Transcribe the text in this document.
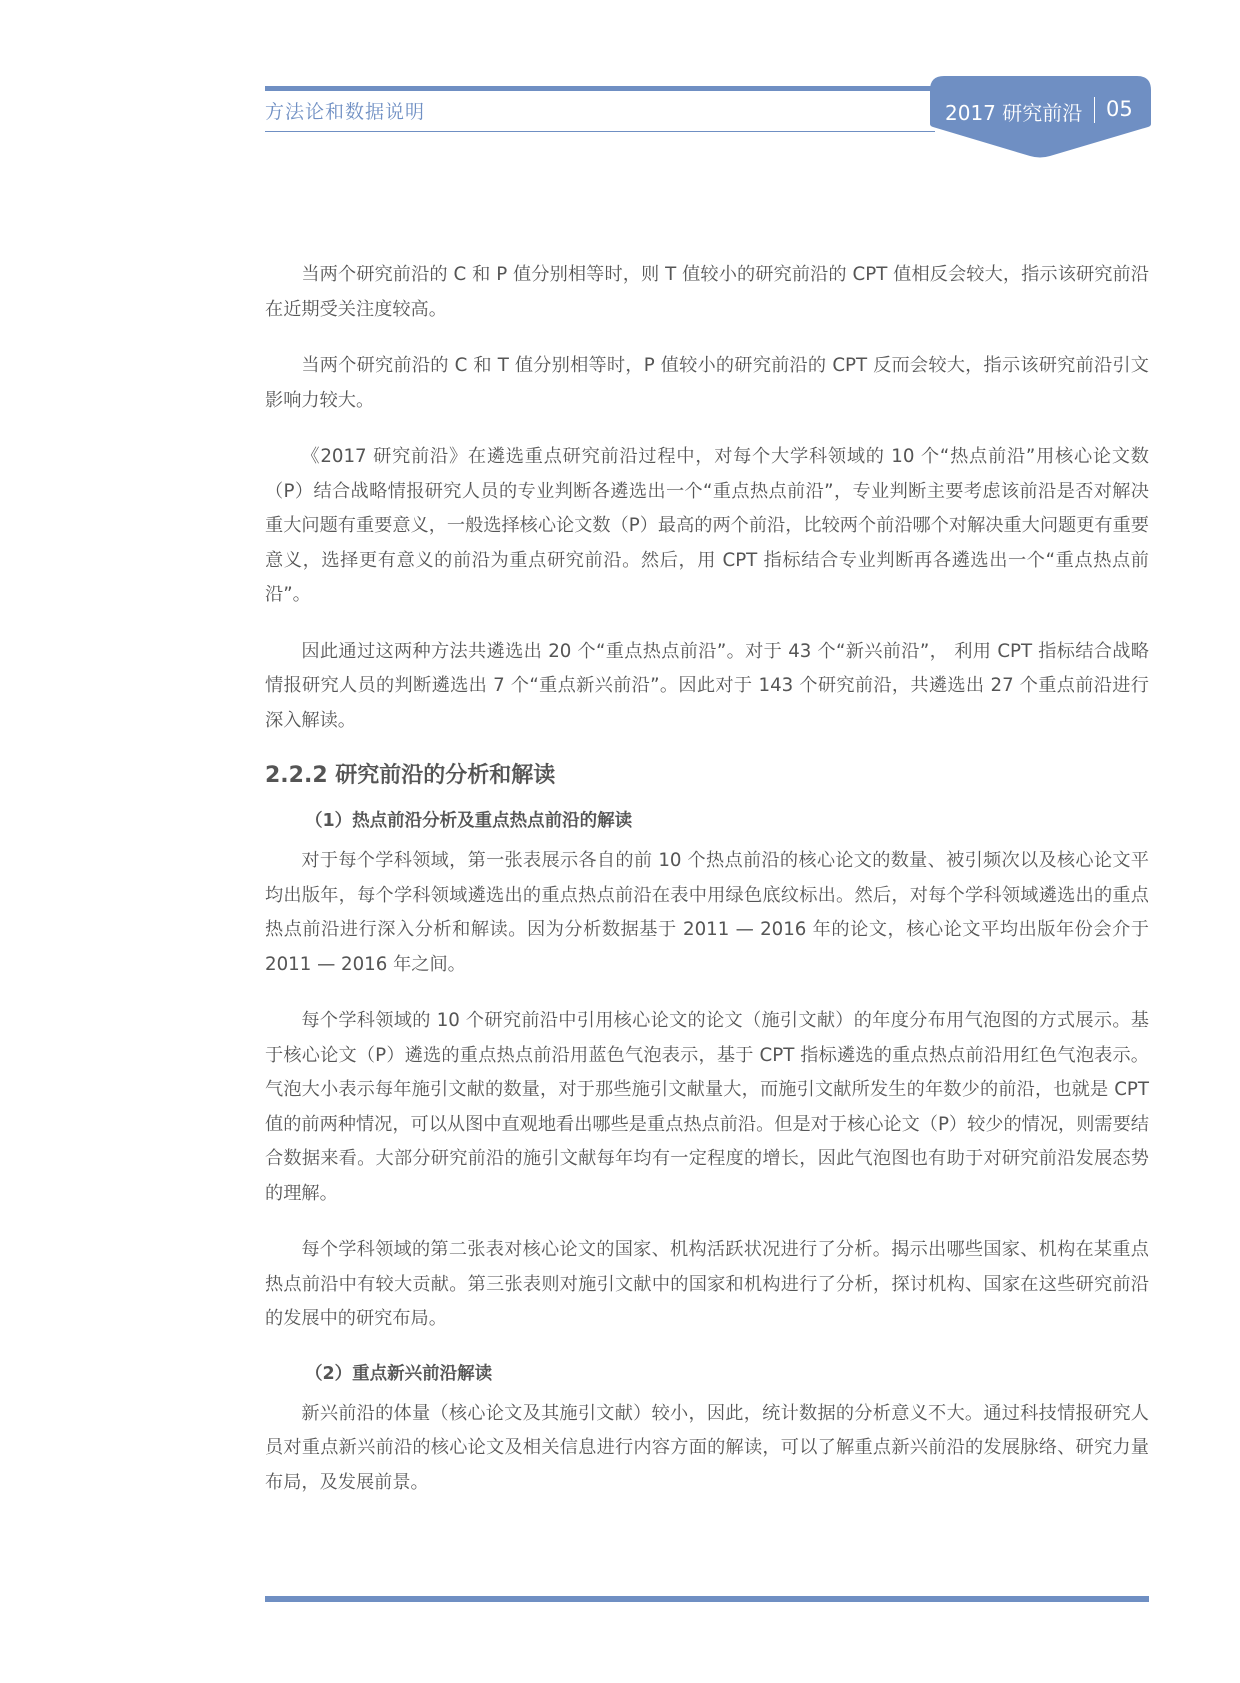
方法论和数据说明	2017 研究前沿 05

当两个研究前沿的 C 和 P 值分别相等时，则 T 值较小的研究前沿的 CPT 值相反会较大，指示该研究前沿在近期受关注度较高。

当两个研究前沿的 C 和 T 值分别相等时，P 值较小的研究前沿的 CPT 反而会较大，指示该研究前沿引文影响力较大。

《2017 研究前沿》在遴选重点研究前沿过程中，对每个大学科领域的 10 个“热点前沿”用核心论文数（P）结合战略情报研究人员的专业判断各遴选出一个“重点热点前沿”，专业判断主要考虑该前沿是否对解决重大问题有重要意义，一般选择核心论文数（P）最高的两个前沿，比较两个前沿哪个对解决重大问题更有重要意义，选择更有意义的前沿为重点研究前沿。然后，用 CPT 指标结合专业判断再各遴选出一个“重点热点前沿”。

因此通过这两种方法共遴选出 20 个“重点热点前沿”。对于 43 个“新兴前沿”， 利用 CPT 指标结合战略情报研究人员的判断遴选出 7 个“重点新兴前沿”。因此对于 143 个研究前沿，共遴选出 27 个重点前沿进行深入解读。

2.2.2 研究前沿的分析和解读
（1）热点前沿分析及重点热点前沿的解读

对于每个学科领域，第一张表展示各自的前 10 个热点前沿的核心论文的数量、被引频次以及核心论文平均出版年，每个学科领域遴选出的重点热点前沿在表中用绿色底纹标出。然后，对每个学科领域遴选出的重点热点前沿进行深入分析和解读。因为分析数据基于 2011 — 2016 年的论文，核心论文平均出版年份会介于 2011 — 2016 年之间。

每个学科领域的 10 个研究前沿中引用核心论文的论文（施引文献）的年度分布用气泡图的方式展示。基于核心论文（P）遴选的重点热点前沿用蓝色气泡表示，基于 CPT 指标遴选的重点热点前沿用红色气泡表示。气泡大小表示每年施引文献的数量，对于那些施引文献量大，而施引文献所发生的年数少的前沿，也就是 CPT 值的前两种情况，可以从图中直观地看出哪些是重点热点前沿。但是对于核心论文（P）较少的情况，则需要结合数据来看。大部分研究前沿的施引文献每年均有一定程度的增长，因此气泡图也有助于对研究前沿发展态势的理解。

每个学科领域的第二张表对核心论文的国家、机构活跃状况进行了分析。揭示出哪些国家、机构在某重点热点前沿中有较大贡献。第三张表则对施引文献中的国家和机构进行了分析，探讨机构、国家在这些研究前沿的发展中的研究布局。

（2）重点新兴前沿解读

新兴前沿的体量（核心论文及其施引文献）较小，因此，统计数据的分析意义不大。通过科技情报研究人员对重点新兴前沿的核心论文及相关信息进行内容方面的解读，可以了解重点新兴前沿的发展脉络、研究力量布局，及发展前景。
